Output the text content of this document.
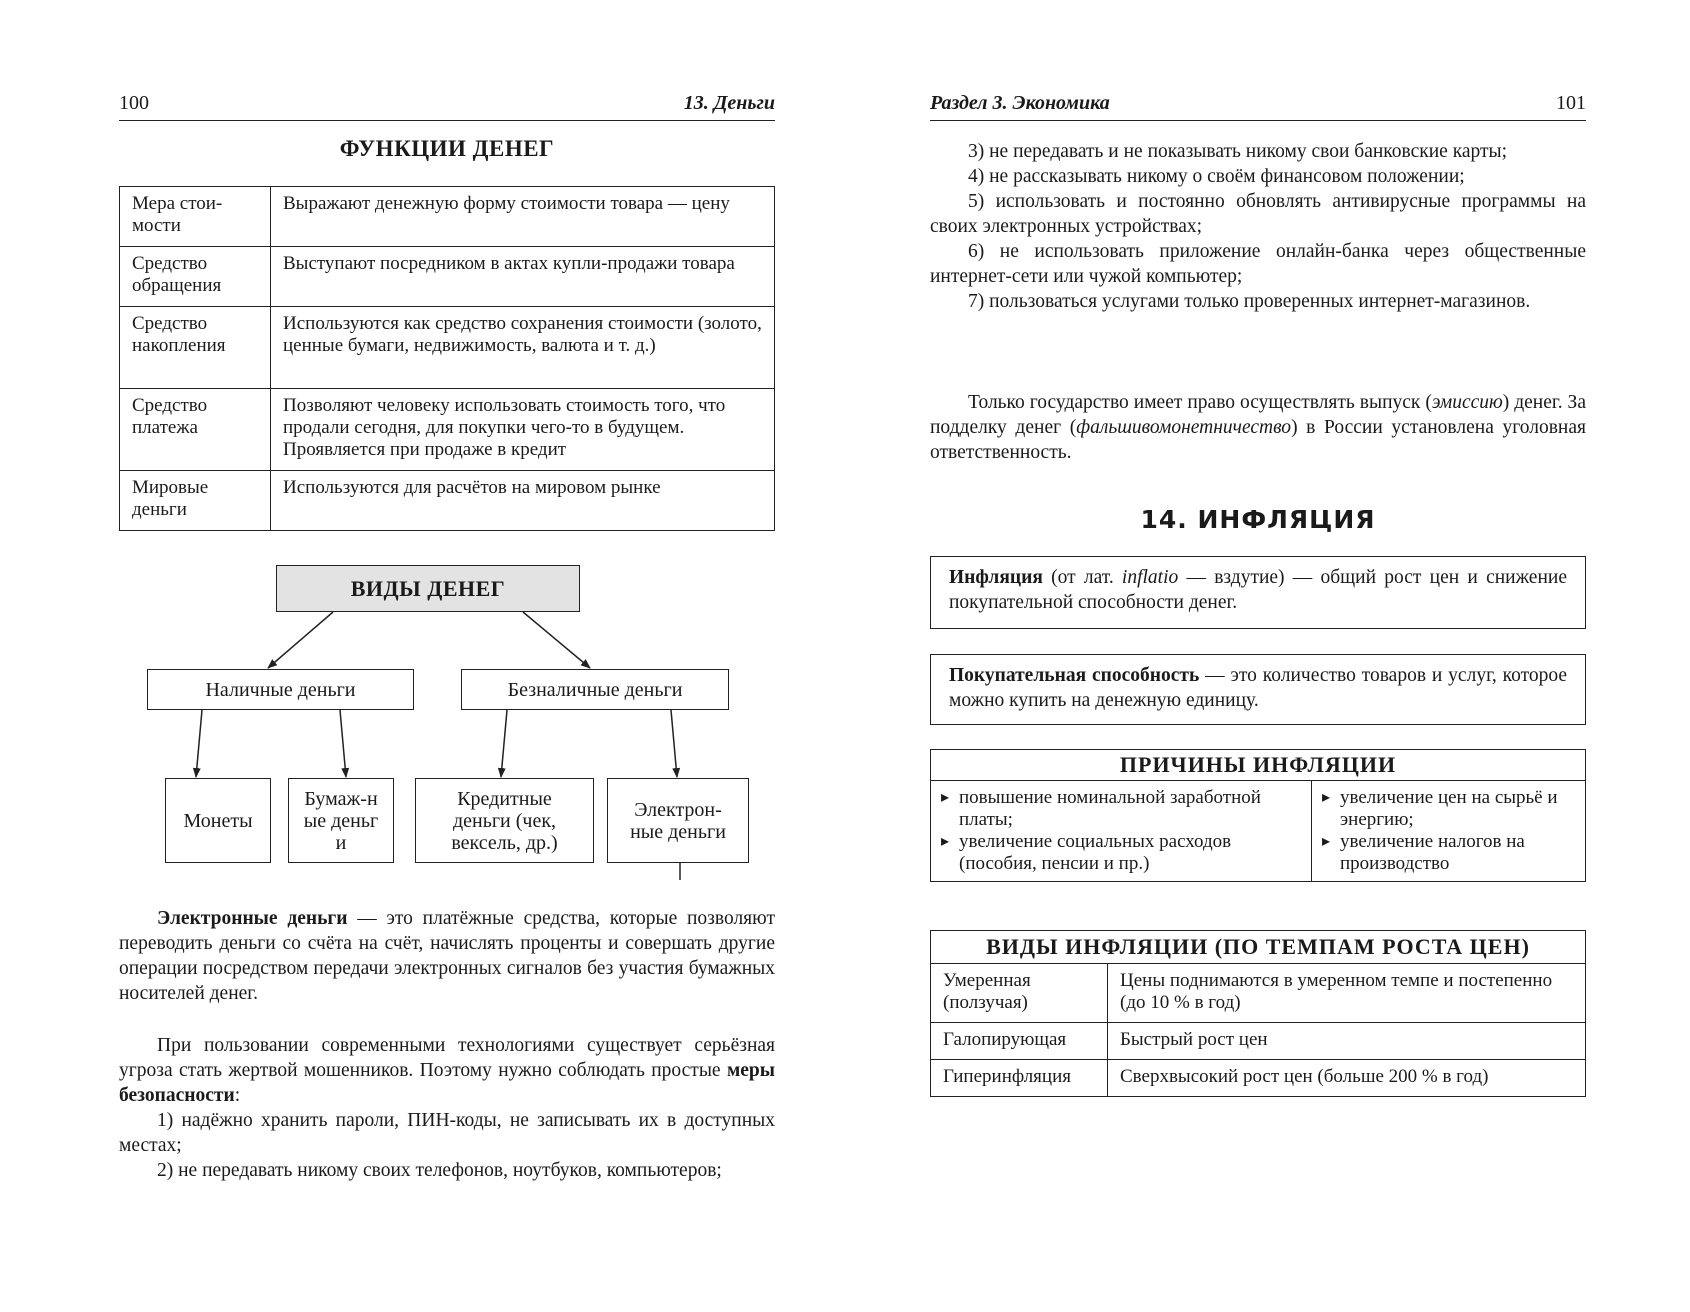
100	13. Деньги
ФУНКЦИИ ДЕНЕГ
Мера стои-мости	Выражают денежную форму стоимости товара — цену
Средство обращения	Выступают посредником в актах купли-продажи товара
Средство накопления	Используются как средство сохранения стоимости (золото, ценные бумаги, недвижимость, валюта и т. д.)
Средство платежа	Позволяют человеку использовать стоимость того, что продали сегодня, для покупки чего-то в будущем. Проявляется при продаже в кредит
Мировые деньги	Используются для расчётов на мировом рынке
ВИДЫ ДЕНЕГ
Наличные деньги	Безналичные деньги
Монеты
Бумаж-ные деньги
Кредитные деньги (чек, вексель, др.)
Электрон-ные деньги

Электронные деньги — это платёжные средства, которые позволяют переводить деньги со счёта на счёт, начислять проценты и совершать другие операции посредством передачи электронных сигналов без участия бумажных носителей денег.

При пользовании современными технологиями существует серьёзная угроза стать жертвой мошенников. Поэтому нужно соблюдать простые меры безопасности:

1) надёжно хранить пароли, ПИН-коды, не записывать их в доступных местах;

2) не передавать никому своих телефонов, ноутбуков, компьютеров;

Раздел 3. Экономика	101

3) не передавать и не показывать никому свои банковские карты;

4) не рассказывать никому о своём финансовом положении;

5) использовать и постоянно обновлять антивирусные программы на своих электронных устройствах;

6) не использовать приложение онлайн-банка через общественные интернет-сети или чужой компьютер;

7) пользоваться услугами только проверенных интернет-магазинов.

Только государство имеет право осуществлять выпуск (эмиссию) денег. За подделку денег (фальшивомонетничество) в России установлена уголовная ответственность.

14. ИНФЛЯЦИЯ
Инфляция (от лат. inflatio — вздутие) — общий рост цен и снижение покупательной способности денег.
Покупательная способность — это количество товаров и услуг, которое можно купить на денежную единицу.
ПРИЧИНЫ ИНФЛЯЦИИ

▸ повышение номинальной заработной платы;
▸ увеличение социальных расходов (пособия, пенсии и пр.)

▸ увеличение цен на сырьё и энергию;
▸ увеличение налогов на производство
ВИДЫ ИНФЛЯЦИИ (ПО ТЕМПАМ РОСТА ЦЕН)	
Умеренная (ползучая)	Цены поднимаются в умеренном темпе и постепенно (до 10 % в год)
Галопирующая	Быстрый рост цен
Гиперинфляция	Сверхвысокий рост цен (больше 200 % в год)
